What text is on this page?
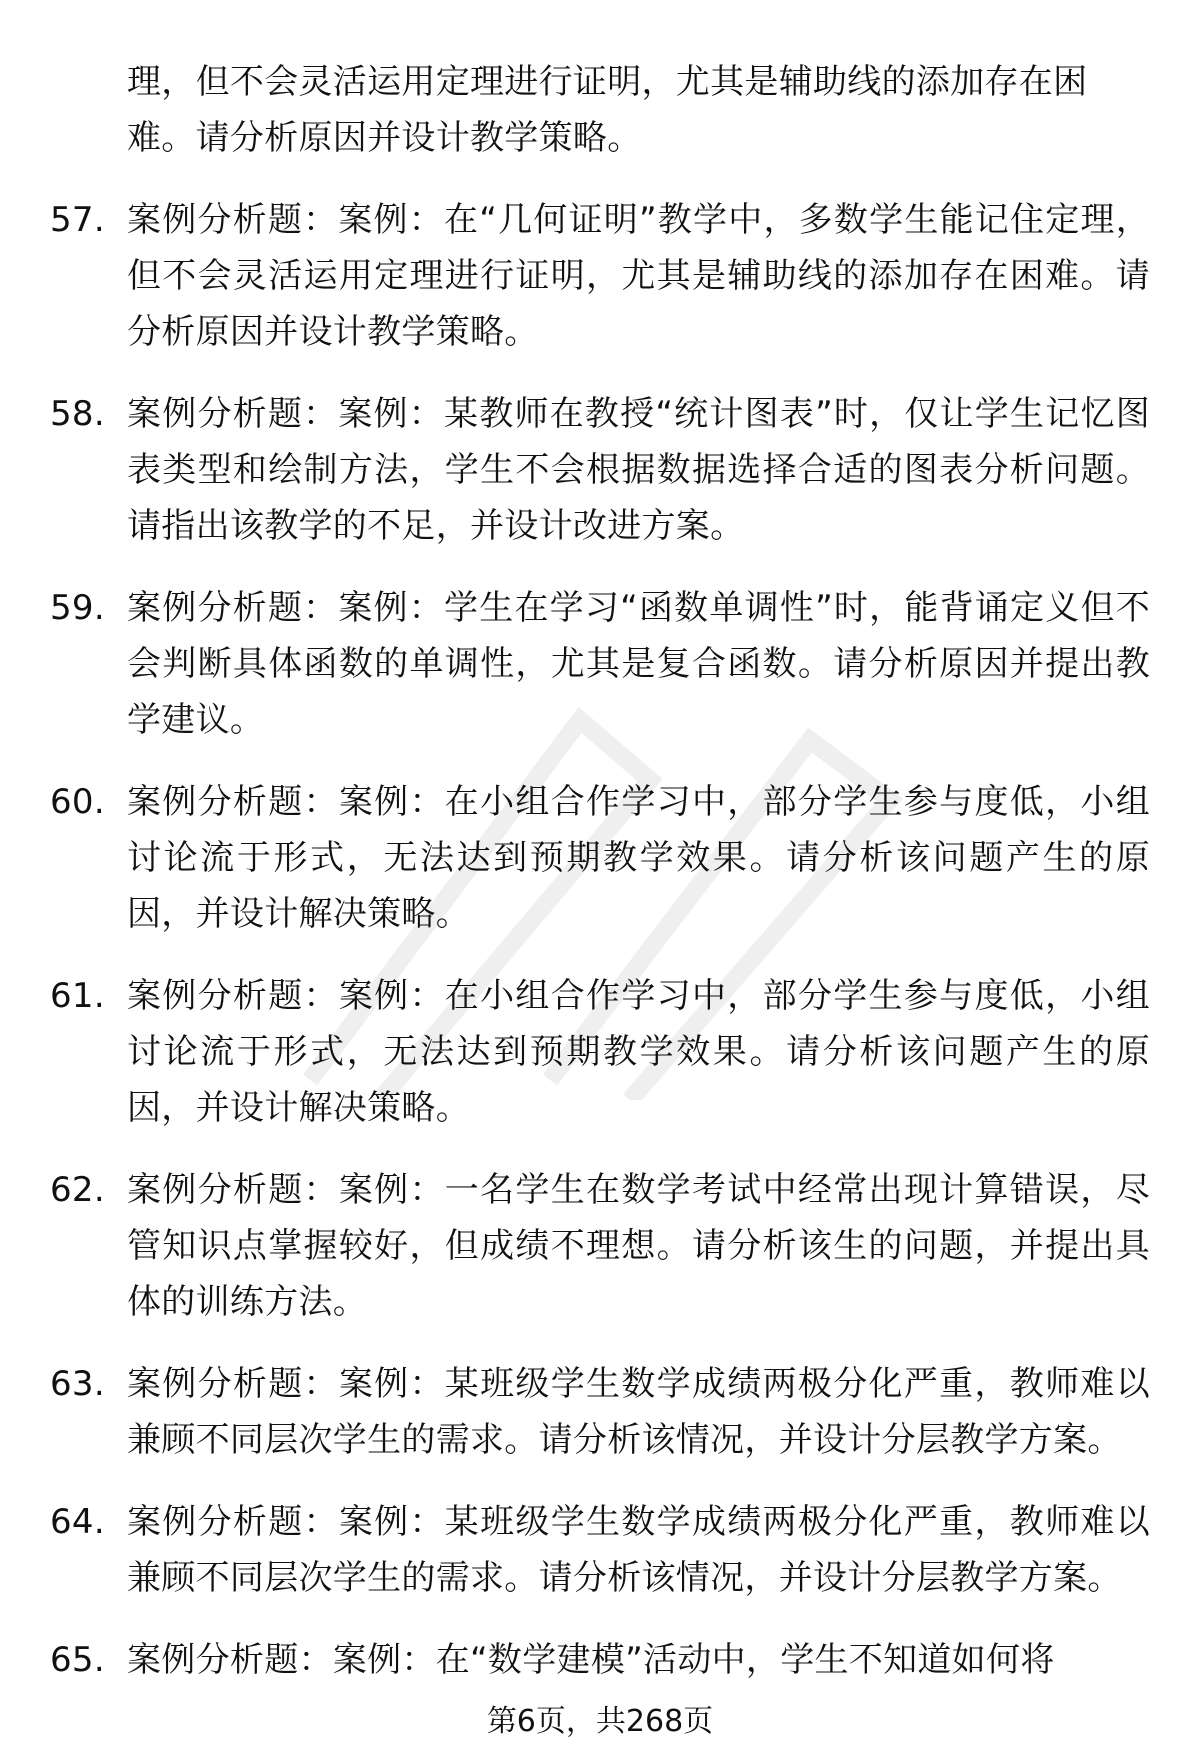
理，但不会灵活运用定理进行证明，尤其是辅助线的添加存在困难。请分析原因并设计教学策略。
57. 案例分析题：案例：在“几何证明”教学中，多数学生能记住定理，但不会灵活运用定理进行证明，尤其是辅助线的添加存在困难。请分析原因并设计教学策略。
58. 案例分析题：案例：某教师在教授“统计图表”时，仅让学生记忆图表类型和绘制方法，学生不会根据数据选择合适的图表分析问题。请指出该教学的不足，并设计改进方案。
59. 案例分析题：案例：学生在学习“函数单调性”时，能背诵定义但不会判断具体函数的单调性，尤其是复合函数。请分析原因并提出教学建议。
60. 案例分析题：案例：在小组合作学习中，部分学生参与度低，小组讨论流于形式，无法达到预期教学效果。请分析该问题产生的原因，并设计解决策略。
61. 案例分析题：案例：在小组合作学习中，部分学生参与度低，小组讨论流于形式，无法达到预期教学效果。请分析该问题产生的原因，并设计解决策略。
62. 案例分析题：案例：一名学生在数学考试中经常出现计算错误，尽管知识点掌握较好，但成绩不理想。请分析该生的问题，并提出具体的训练方法。
63. 案例分析题：案例：某班级学生数学成绩两极分化严重，教师难以兼顾不同层次学生的需求。请分析该情况，并设计分层教学方案。
64. 案例分析题：案例：某班级学生数学成绩两极分化严重，教师难以兼顾不同层次学生的需求。请分析该情况，并设计分层教学方案。
65. 案例分析题：案例：在“数学建模”活动中，学生不知道如何将
第6页，共268页
